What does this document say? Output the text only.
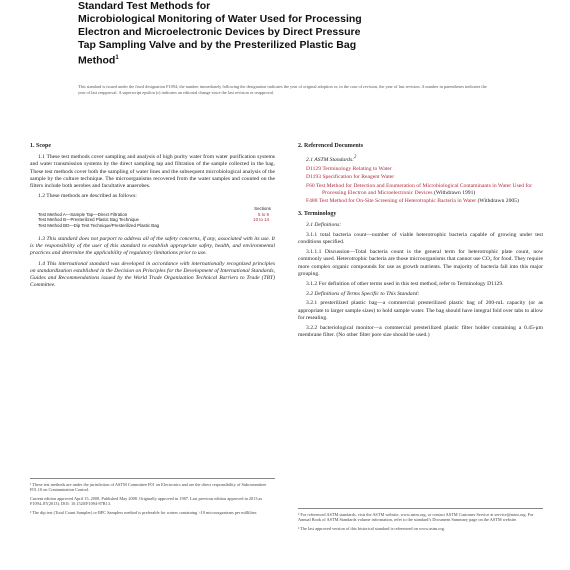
Standard Test Methods for
Microbiological Monitoring of Water Used for Processing
Electron and Microelectronic Devices by Direct Pressure
Tap Sampling Valve and by the Presterilized Plastic Bag
Method$^1$
This standard is issued under the fixed designation F1094; the number immediately following the designation indicates the year of original adoption or, in the case of revision, the year of last revision. A number in parentheses indicates the year of last reapproval. A superscript epsilon (ε) indicates an editorial change since the last revision or reapproval.
1. Scope
1.1 These test methods cover sampling and analysis of high purity water from water purification systems and water transmission systems by the direct sampling tap and filtration of the sample collected in the bag. These test methods cover both the sampling of water lines and the subsequent microbiological analysis of the sample by the culture technique. The microorganisms recovered from the water samples and counted on the filters include both aerobes and facultative anaerobes.
1.2 These methods are described as follows:
Sections
Test Method A—Sample Tap—Direct Filtration	5 to 9
Test Method B—Presterilized Plastic Bag Technique	10 to 14
Test Method BD—Dip Test Technique/Presterilized Plastic Bag
1.3 This standard does not purport to address all of the safety concerns, if any, associated with its use. It is the responsibility of the user of this standard to establish appropriate safety, health, and environmental practices and determine the applicability of regulatory limitations prior to use.
1.4 This international standard was developed in accordance with internationally recognized principles on standardization established in the Decision on Principles for the Development of International Standards, Guides and Recommendations issued by the World Trade Organization Technical Barriers to Trade (TBT) Committee.
2. Referenced Documents
2.1 ASTM Standards:$^2$
D1129 Terminology Relating to Water
D1193 Specification for Reagent Water
F60 Test Method for Detection and Enumeration of Microbiological Contaminants in Water Used for Processing Electron and Microelectronic Devices (Withdrawn 1991)
F488 Test Method for On-Site Screening of Heterotrophic Bacteria in Water (Withdrawn 2005)
3. Terminology
3.1 Definitions:
3.1.1 total bacteria count—number of viable heterotrophic bacteria capable of growing under test conditions specified.
3.1.1.1 Discussion—Total bacteria count is the general term for heterotrophic plate count, now commonly used. Heterotrophic bacteria are those microorganisms that cannot use CO₂ for food. They require more complex organic compounds for use as growth nutrients. The majority of bacteria fall into this major grouping.
3.1.2 For definition of other terms used in this test method, refer to Terminology D1129.
3.2 Definitions of Terms Specific to This Standard:
3.2.1 presterilized plastic bag—a commercial presterilized plastic bag of 200-mL capacity (or as appropriate to larger sample sizes) to hold sample water. The bag should have integral fold over tabs to allow for resealing.
3.2.2 bacteriological monitor—a commercial presterilized plastic filter holder containing a 0.45-μm membrane filter. (No other filter pore size should be used.)

¹ These test methods are under the jurisdiction of ASTM Committee F01 on Electronics and are the direct responsibility of Subcommittee F01.10 on Contamination Control.

Current edition approved April 15, 2008. Published May 2008. Originally approved in 1987. Last previous edition approved in 2013 as F1094–87(2013). DOI: 10.1520/F1094-87R13.

³ The dip test (Total Count Sampler) or BPC Samplers method is preferable for waters containing >10 microorganisms per milliliter.	² For referenced ASTM standards, visit the ASTM website, www.astm.org, or contact ASTM Customer Service at service@astm.org. For Annual Book of ASTM Standards volume information, refer to the standard’s Document Summary page on the ASTM website.

³ The last approved version of this historical standard is referenced on www.astm.org.
